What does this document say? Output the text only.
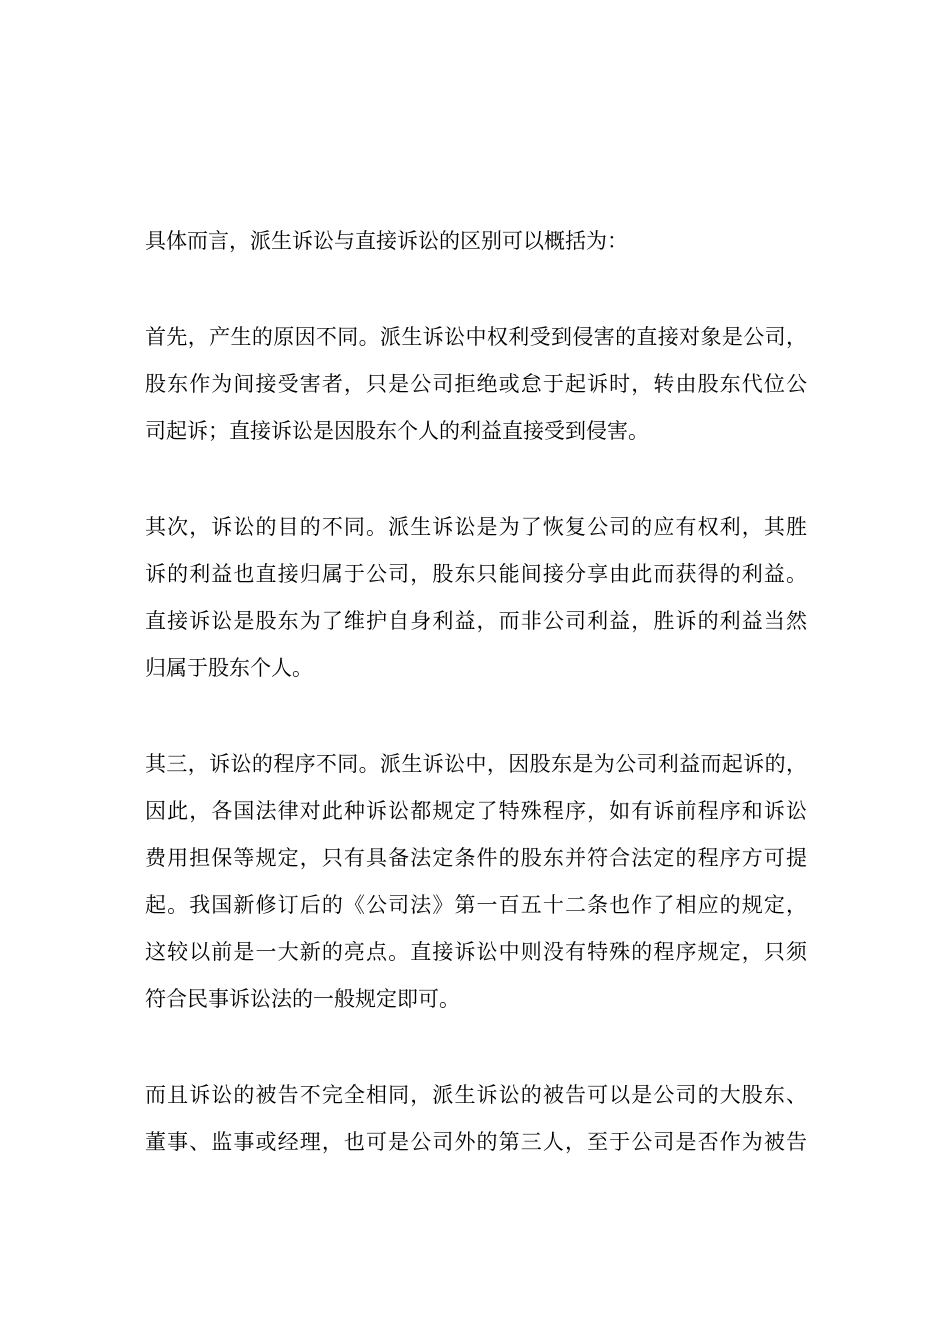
具体而言，派生诉讼与直接诉讼的区别可以概括为：
首先，产生的原因不同。派生诉讼中权利受到侵害的直接对象是公司，
股东作为间接受害者，只是公司拒绝或怠于起诉时，转由股东代位公
司起诉；直接诉讼是因股东个人的利益直接受到侵害。
其次，诉讼的目的不同。派生诉讼是为了恢复公司的应有权利，其胜
诉的利益也直接归属于公司，股东只能间接分享由此而获得的利益。
直接诉讼是股东为了维护自身利益，而非公司利益，胜诉的利益当然
归属于股东个人。
其三，诉讼的程序不同。派生诉讼中，因股东是为公司利益而起诉的，
因此，各国法律对此种诉讼都规定了特殊程序，如有诉前程序和诉讼
费用担保等规定，只有具备法定条件的股东并符合法定的程序方可提
起。我国新修订后的《公司法》第一百五十二条也作了相应的规定，
这较以前是一大新的亮点。直接诉讼中则没有特殊的程序规定，只须
符合民事诉讼法的一般规定即可。
而且诉讼的被告不完全相同，派生诉讼的被告可以是公司的大股东、
董事、监事或经理，也可是公司外的第三人，至于公司是否作为被告
